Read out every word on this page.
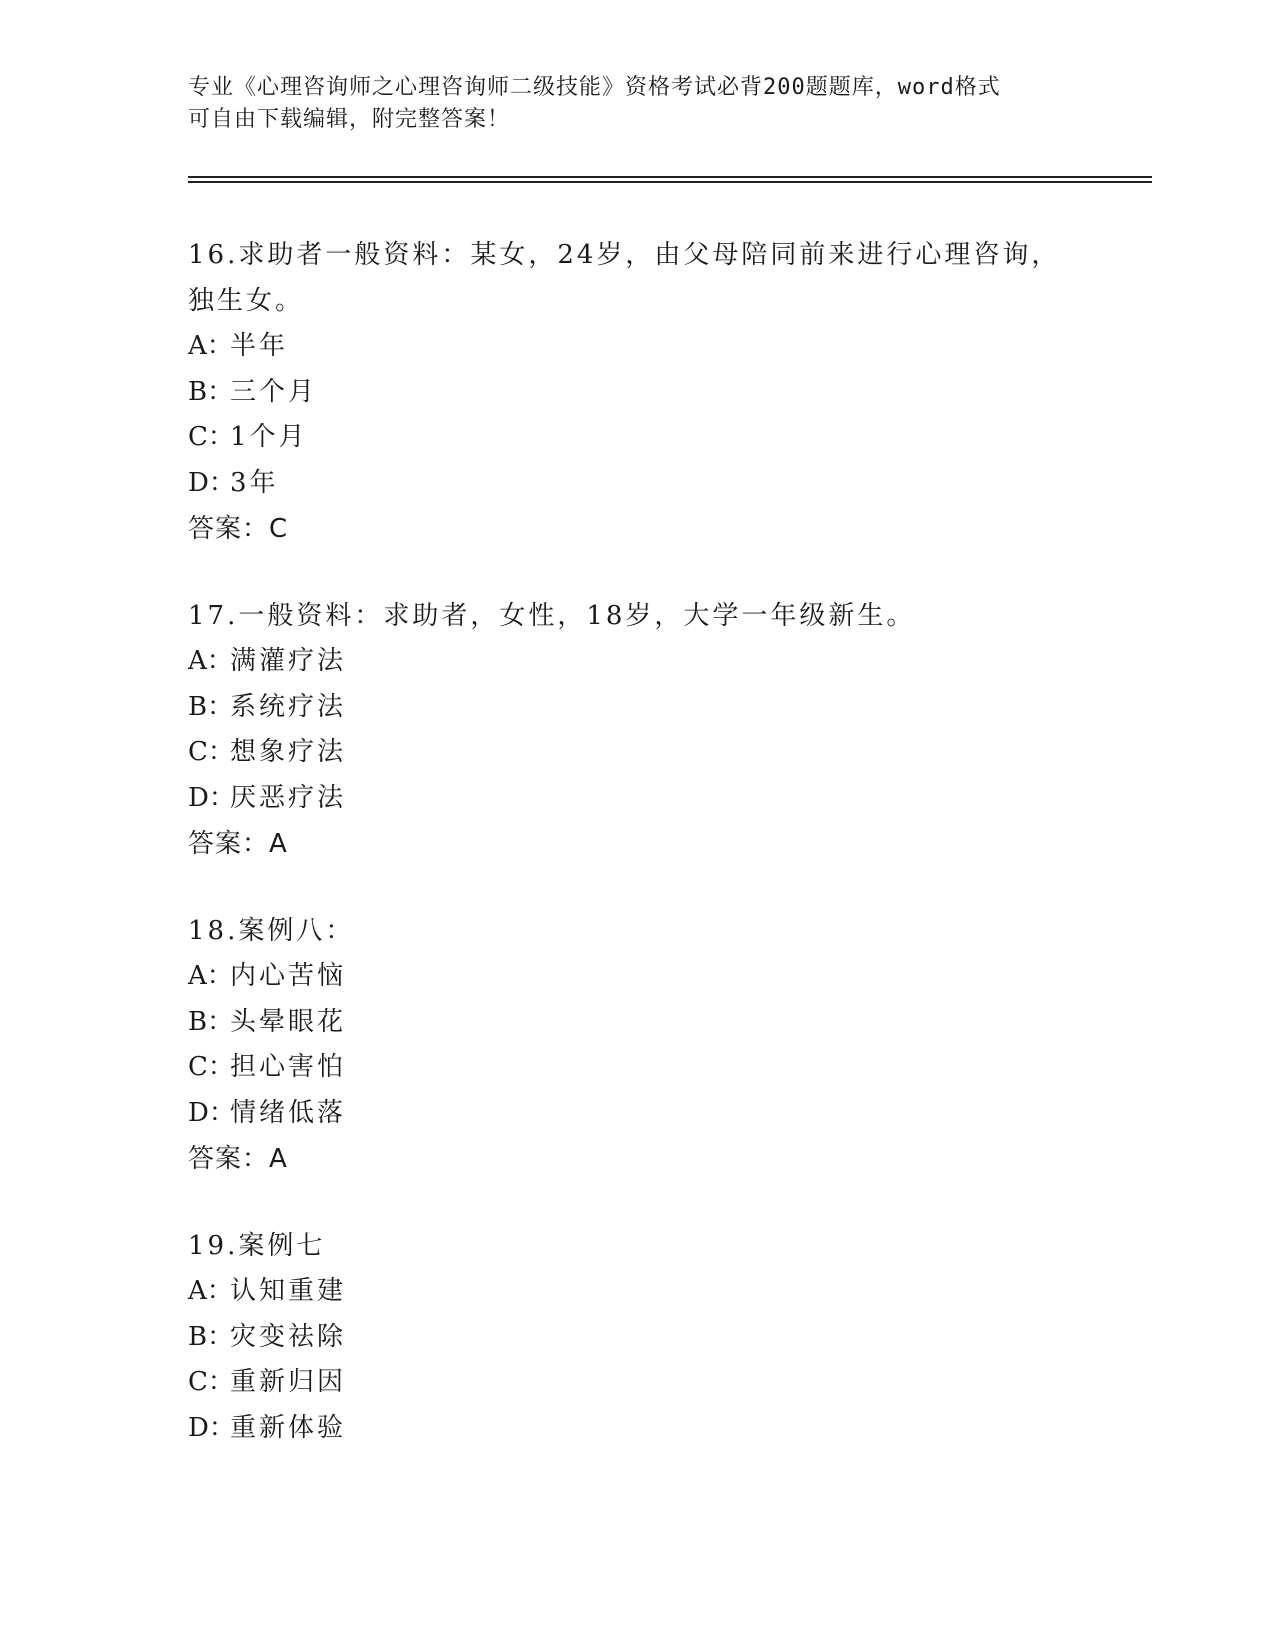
专业《心理咨询师之心理咨询师二级技能》资格考试必背200题题库，word格式
可自由下载编辑，附完整答案！

16.求助者一般资料：某女，24岁，由父母陪同前来进行心理咨询，独生女。

A：半年
B：三个月
C：1个月
D：3年
答案：C

17.一般资料：求助者，女性，18岁，大学一年级新生。

A：满灌疗法
B：系统疗法
C：想象疗法
D：厌恶疗法
答案：A

18.案例八：

A：内心苦恼
B：头晕眼花
C：担心害怕
D：情绪低落
答案：A

19.案例七

A：认知重建
B：灾变祛除
C：重新归因
D：重新体验
